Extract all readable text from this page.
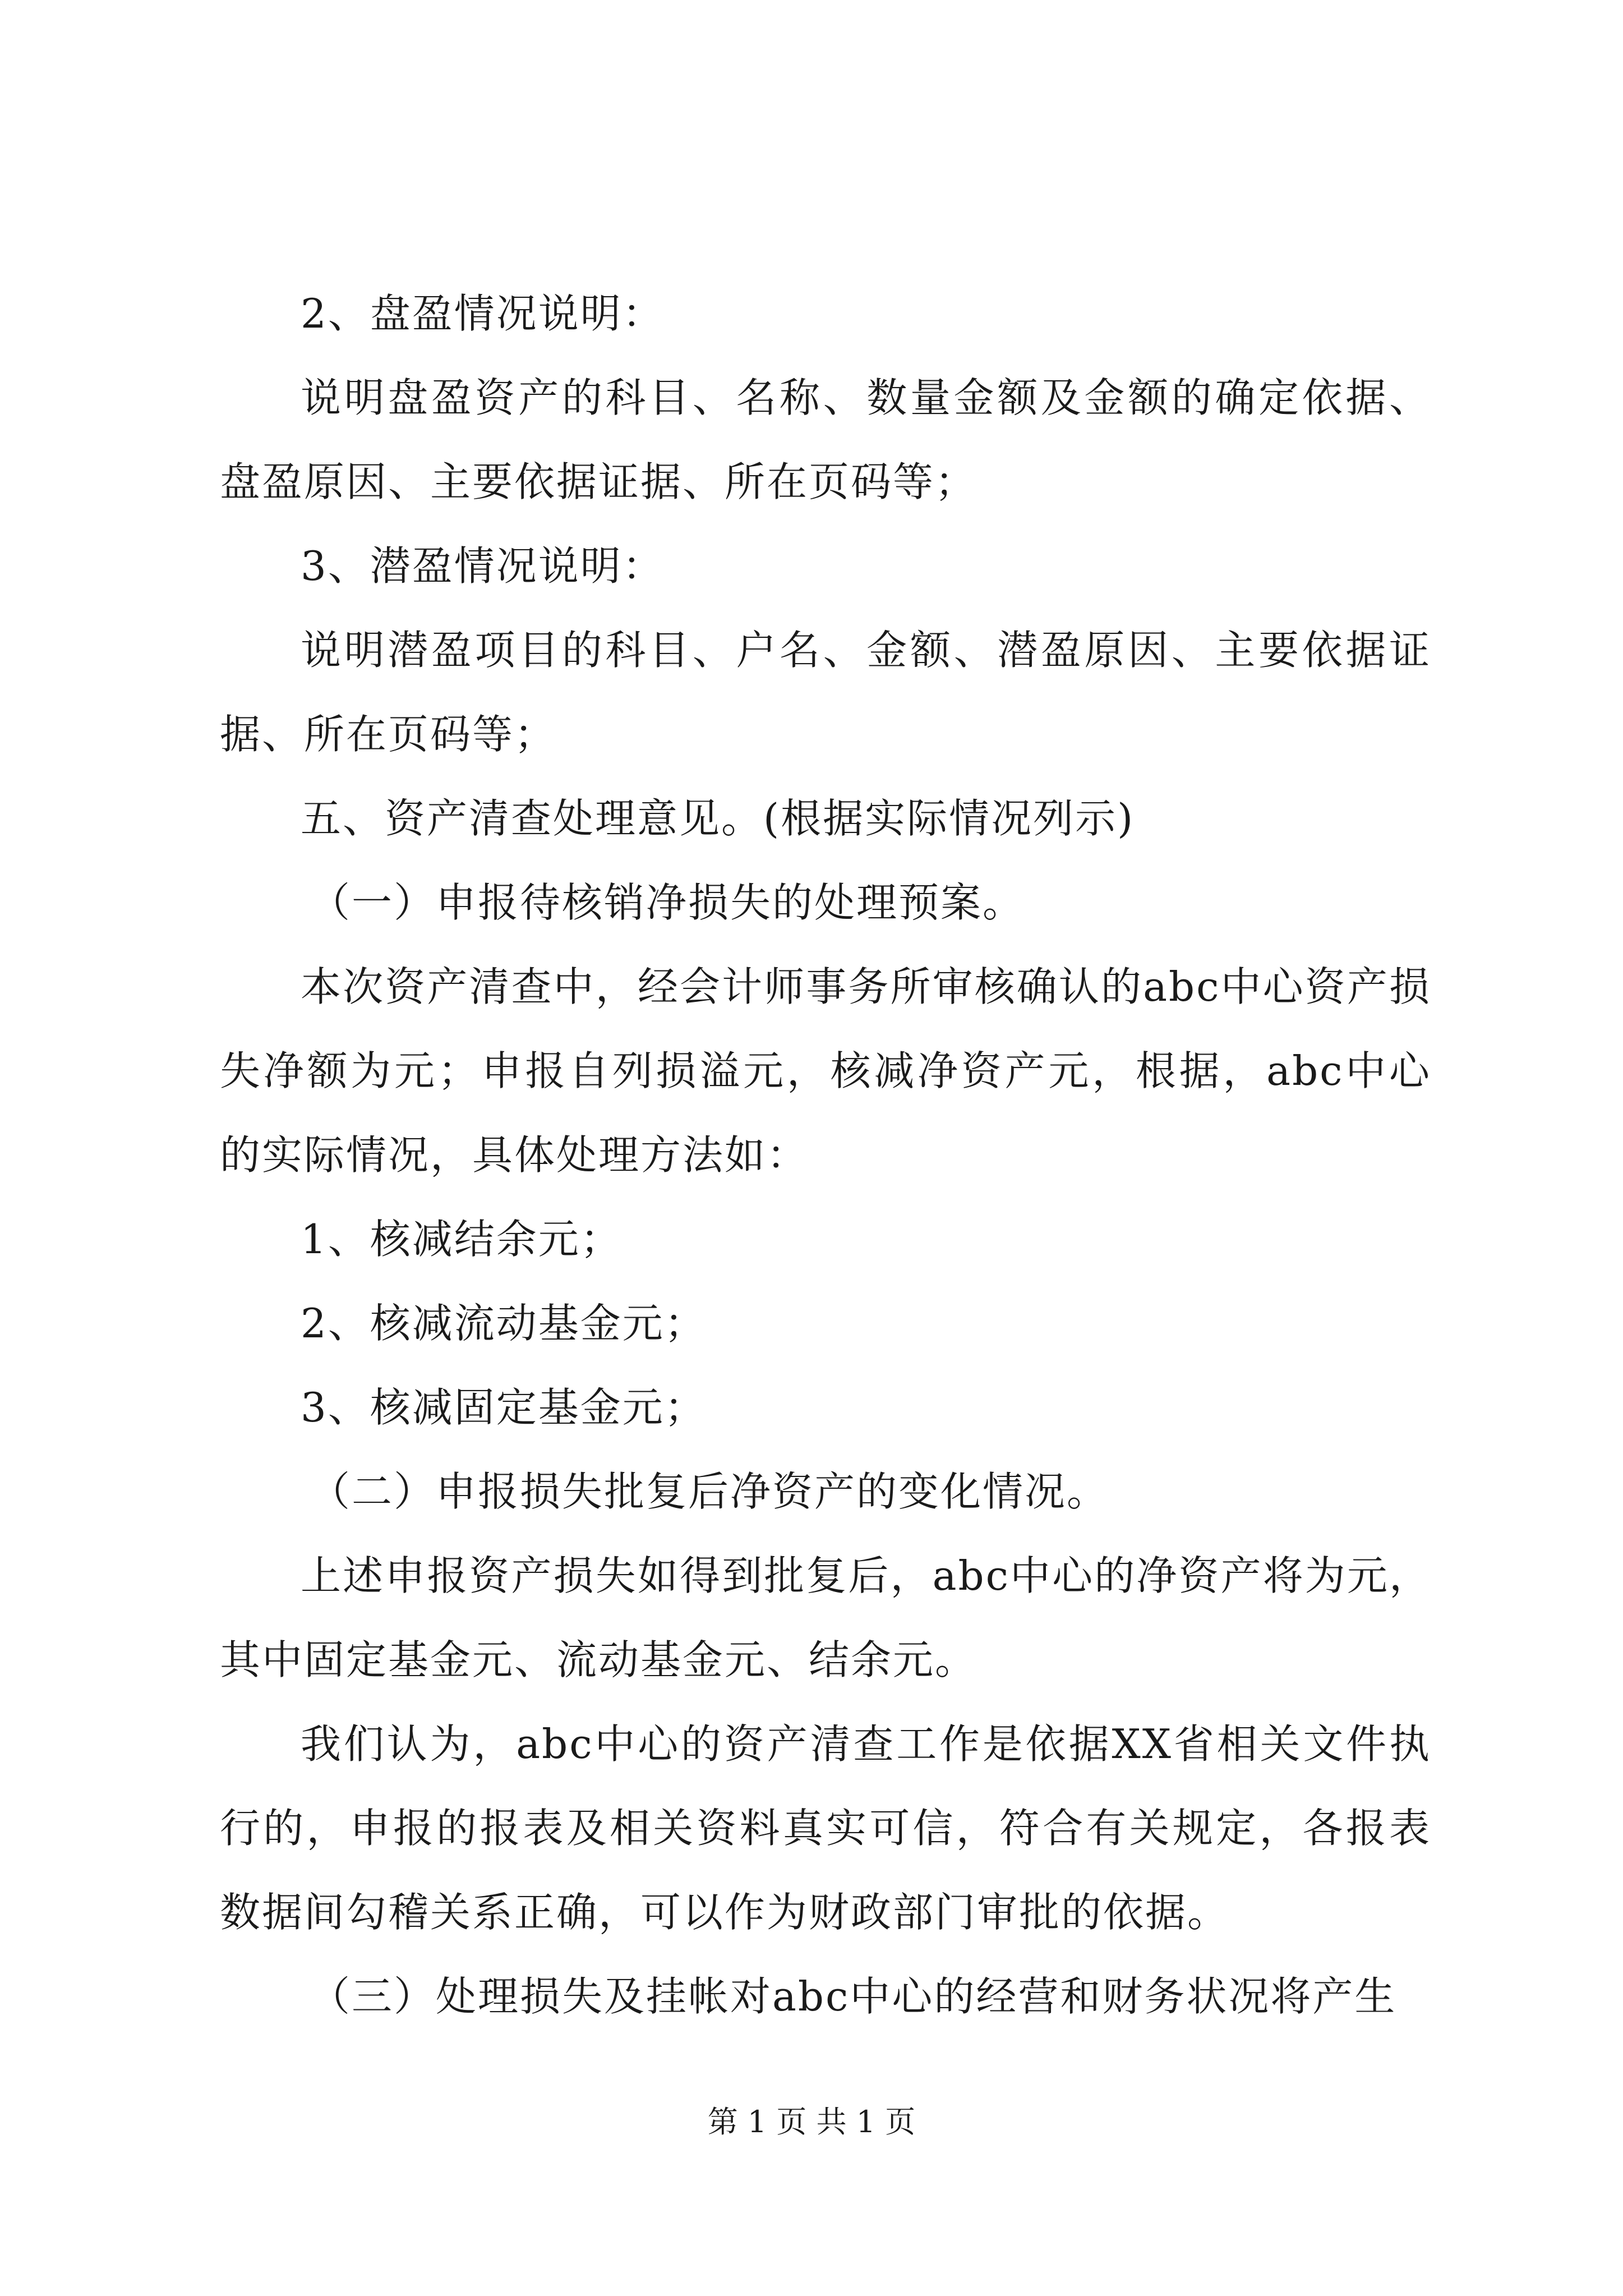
2、盘盈情况说明：

说明盘盈资产的科目、名称、数量金额及金额的确定依据、盘盈原因、主要依据证据、所在页码等；

3、潜盈情况说明：

说明潜盈项目的科目、户名、金额、潜盈原因、主要依据证据、所在页码等；

五、资产清查处理意见。(根据实际情况列示)

（一）申报待核销净损失的处理预案。

本次资产清查中，经会计师事务所审核确认的abc中心资产损失净额为元；申报自列损溢元，核减净资产元，根据，abc中心的实际情况，具体处理方法如：

1、核减结余元；

2、核减流动基金元；

3、核减固定基金元；

（二）申报损失批复后净资产的变化情况。

上述申报资产损失如得到批复后，abc中心的净资产将为元，其中固定基金元、流动基金元、结余元。

我们认为，abc中心的资产清查工作是依据XX省相关文件执行的，申报的报表及相关资料真实可信，符合有关规定，各报表数据间勾稽关系正确，可以作为财政部门审批的依据。

（三）处理损失及挂帐对abc中心的经营和财务状况将产生

第 1 页 共 1 页
